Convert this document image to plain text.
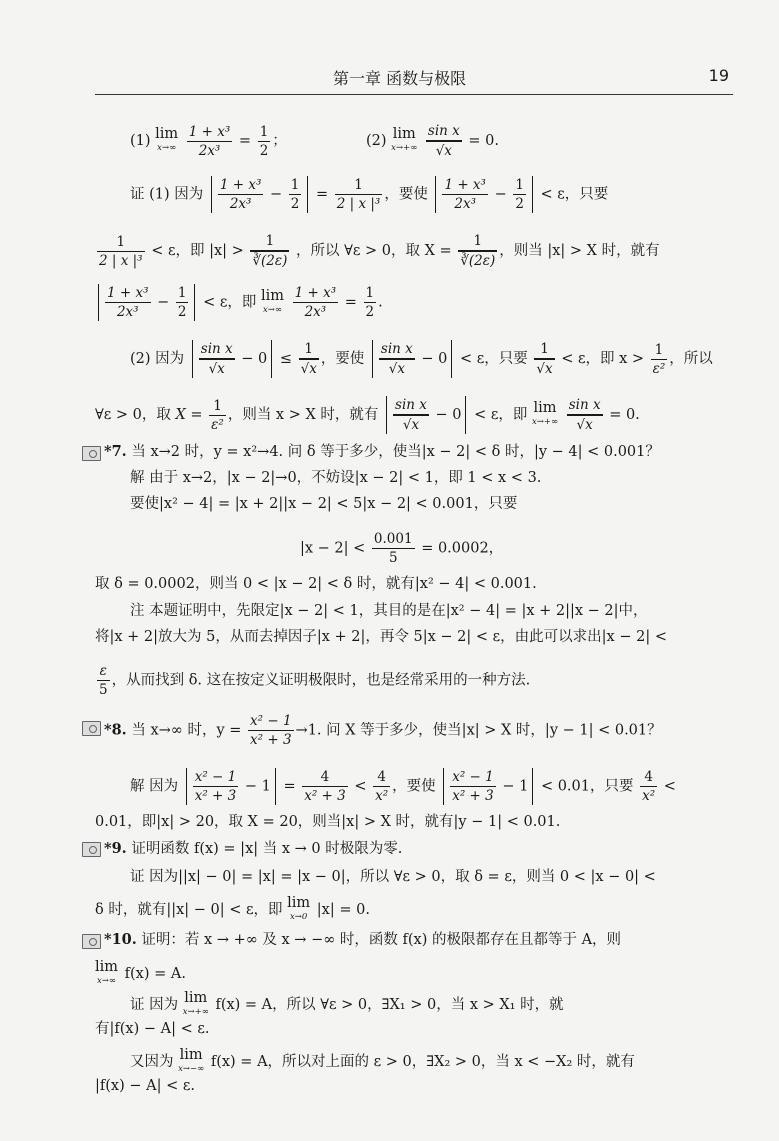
第一章 函数与极限	19
(1) lim
x→∞
$\frac{\text{1 + x³}}{\text{2x³}} = \frac{1}{2}$ ；	(2) lim
x→+∞
$\frac{\text{sin x}}{√x} = 0$.
证 (1) 因为 $\frac{\text{1 + x³}}{\text{2x³}} - \frac{1}{2} = \frac{1}{\text{2 | x |³}}$ ，要使 $\frac{\text{1 + x³}}{\text{2x³}} - \frac{1}{2} < \varepsilon$，只要
$\frac{1}{\text{2 | x |³}} < \varepsilon$，即 $|x| > \frac{1}{∛(2\varepsilon)}$ ，所以 ∀ε > 0，取 $X = \frac{1}{∛(2\varepsilon)}$ ，则当 |x| > X 时，就有
$\frac{\text{1 + x³}}{\text{2x³}} - \frac{1}{2} < \varepsilon$，即 lim
x→∞
$\frac{\text{1 + x³}}{\text{2x³}} = \frac{1}{2}$ .
(2) 因为 $\frac{\text{sin x}}{√x} - 0 \le \frac{1}{√x}$ ，要使 $\frac{\text{sin x}}{√x} - 0 < \varepsilon$，只要 $\frac{1}{√x} < \varepsilon$，即 $x > \frac{1}{\text{ε²}}$ ，所以
∀ε > 0，取 $X = \frac{1}{\text{ε²}}$ ，则当 x > X 时，就有 $\frac{\text{sin x}}{√x} - 0 < \varepsilon$，即 lim
x→+∞
$\frac{\text{sin x}}{√x} = 0$.
*7. 当 x→2 时，y = x²→4. 问 δ 等于多少，使当|x − 2| < δ 时，|y − 4| < 0.001？
解 由于 x→2，|x − 2|→0，不妨设|x − 2| < 1，即 1 < x < 3.
要使|x² − 4| = |x + 2||x − 2| < 5|x − 2| < 0.001，只要
$|x - 2| < \frac{0.001}{5} = 0.0002$，
取 δ = 0.0002，则当 0 < |x − 2| < δ 时，就有|x² − 4| < 0.001.
注 本题证明中，先限定|x − 2| < 1，其目的是在|x² − 4| = |x + 2||x − 2|中，
将|x + 2|放大为 5，从而去掉因子|x + 2|，再令 5|x − 2| < ε，由此可以求出|x − 2| <
$\frac{\varepsilon}{5}$ ，从而找到 δ. 这在按定义证明极限时，也是经常采用的一种方法.
*8. 当 x→∞ 时，$y = \frac{\text{x² − 1}}{\text{x² + 3}} \to 1$. 问 X 等于多少，使当|x| > X 时，|y − 1| < 0.01？
解 因为 $\frac{\text{x² − 1}}{\text{x² + 3}} - 1 = \frac{4}{\text{x² + 3}} < \frac{4}{\text{x²}}$ ，要使 $\frac{\text{x² − 1}}{\text{x² + 3}} - 1 < 0.01$，只要 $\frac{4}{\text{x²}}$ <
0.01，即|x| > 20，取 X = 20，则当|x| > X 时，就有|y − 1| < 0.01.
*9. 证明函数 f(x) = |x| 当 x → 0 时极限为零.
证 因为||x| − 0| = |x| = |x − 0|，所以 ∀ε > 0，取 δ = ε，则当 0 < |x − 0| <
δ 时，就有||x| − 0| < ε，即 lim
x→0 |x| = 0.
*10. 证明：若 x → +∞ 及 x → −∞ 时，函数 f(x) 的极限都存在且都等于 A，则
lim
x→∞ f(x) = A.
证 因为 lim
x→+∞ f(x) = A，所以 ∀ε > 0，∃X₁ > 0，当 x > X₁ 时，就
有|f(x) − A| < ε.
又因为 lim
x→−∞ f(x) = A，所以对上面的 ε > 0，∃X₂ > 0，当 x < −X₂ 时，就有
|f(x) − A| < ε.
